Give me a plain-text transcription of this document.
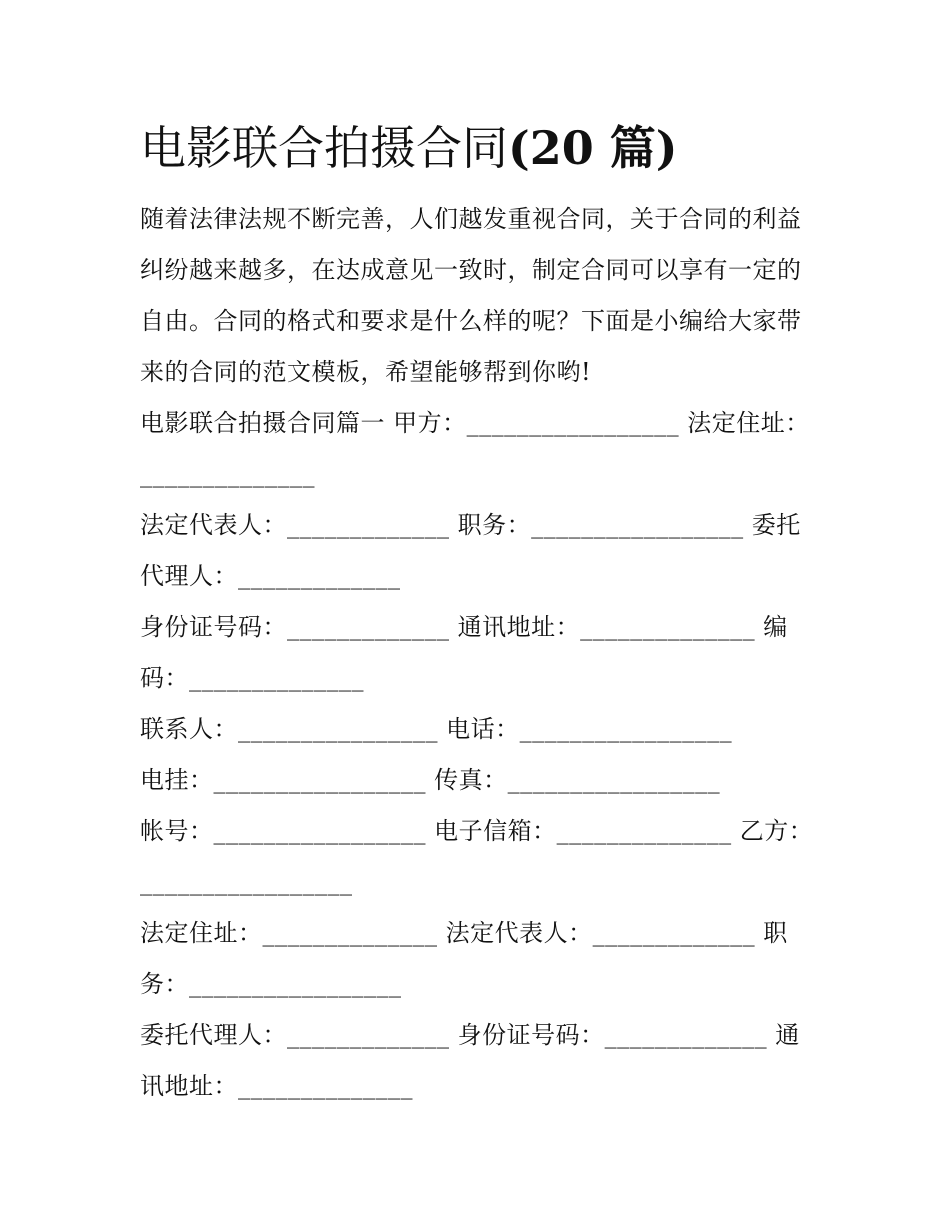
电影联合拍摄合同(20 篇)

随着法律法规不断完善，人们越发重视合同，关于合同的利益纠纷越来越多，在达成意见一致时，制定合同可以享有一定的自由。合同的格式和要求是什么样的呢？下面是小编给大家带来的合同的范文模板，希望能够帮到你哟!

电影联合拍摄合同篇一 甲方：_________________ 法定住址：______________

法定代表人：_____________ 职务：_________________ 委托代理人：_____________

身份证号码：_____________ 通讯地址：______________ 编码：______________

联系人：________________ 电话：_________________

电挂：_________________ 传真：_________________

帐号：_________________ 电子信箱：______________ 乙方：_________________

法定住址：______________ 法定代表人：_____________ 职务：_________________

委托代理人：_____________ 身份证号码：_____________ 通讯地址：______________
